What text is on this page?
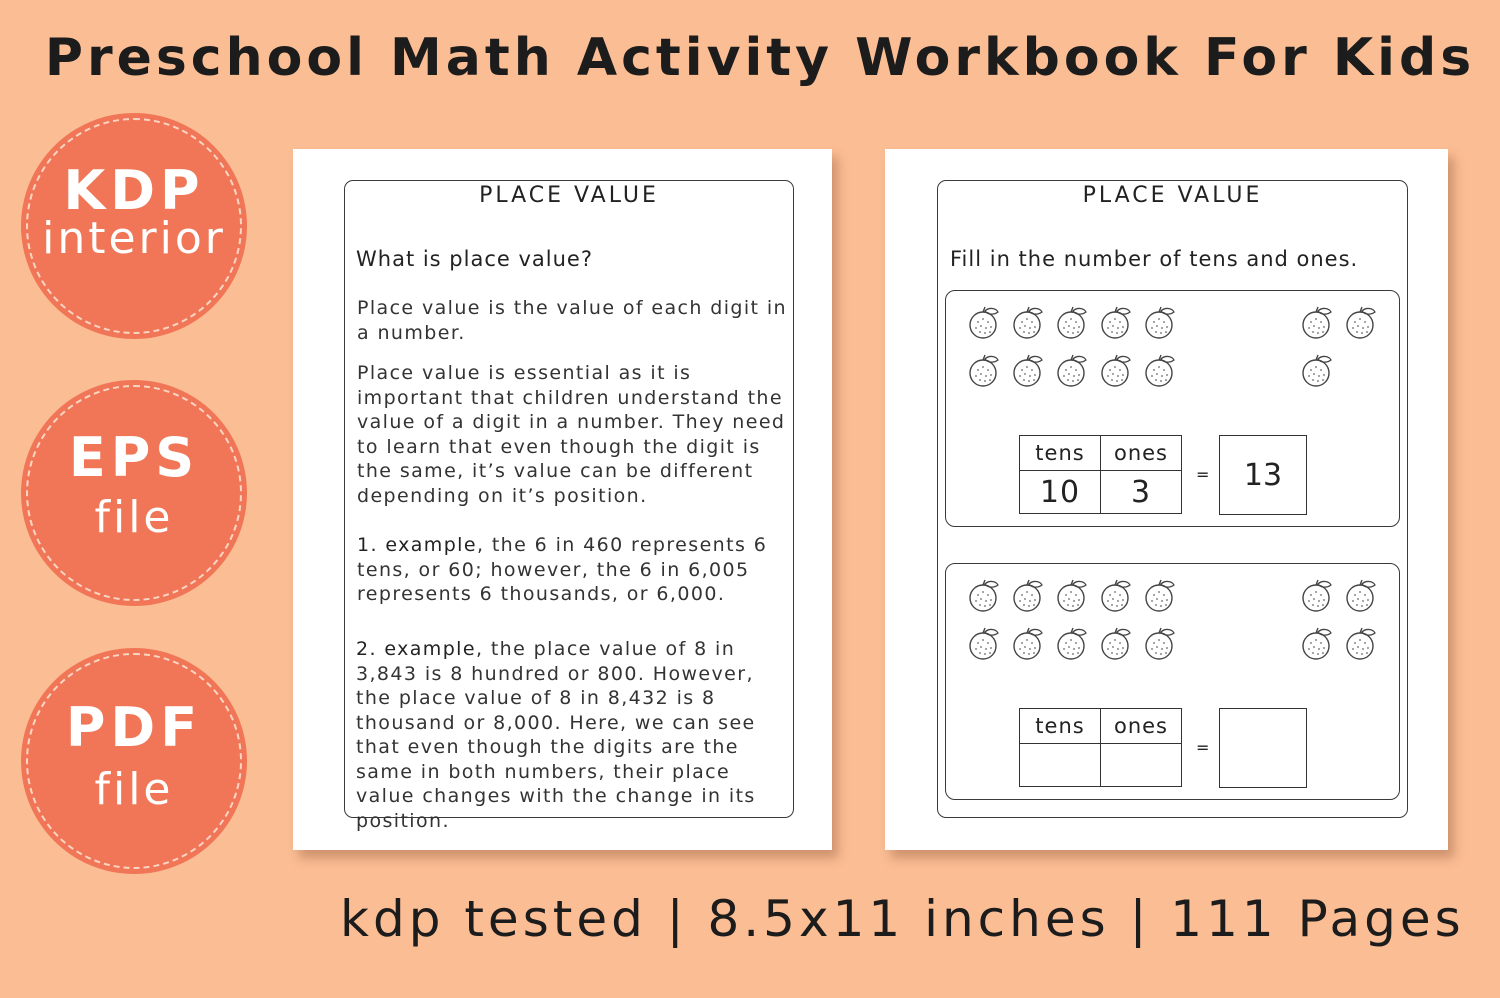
Preschool Math Activity Workbook For Kids
KDP
interior
EPS
file
PDF
file
PLACE VALUE
What is place value?

Place value is the value of each digit in a number.

Place value is essential as it is important that children understand the value of a digit in a number. They need to learn that even though the digit is the same, it’s value can be different depending on it’s position.

1. example, the 6 in 460 represents 6 tens, or 60; however, the 6 in 6,005 represents 6 thousands, or 6,000.

2. example, the place value of 8 in 3,843 is 8 hundred or 800. However, the place value of 8 in 8,432 is 8 thousand or 8,000. Here, we can see that even though the digits are the same in both numbers, their place value changes with the change in its position.

PLACE VALUE
Fill in the number of tens and ones.
tens	ones
10	3	=	13
tens	ones

=
kdp tested | 8.5x11 inches | 111 Pages
